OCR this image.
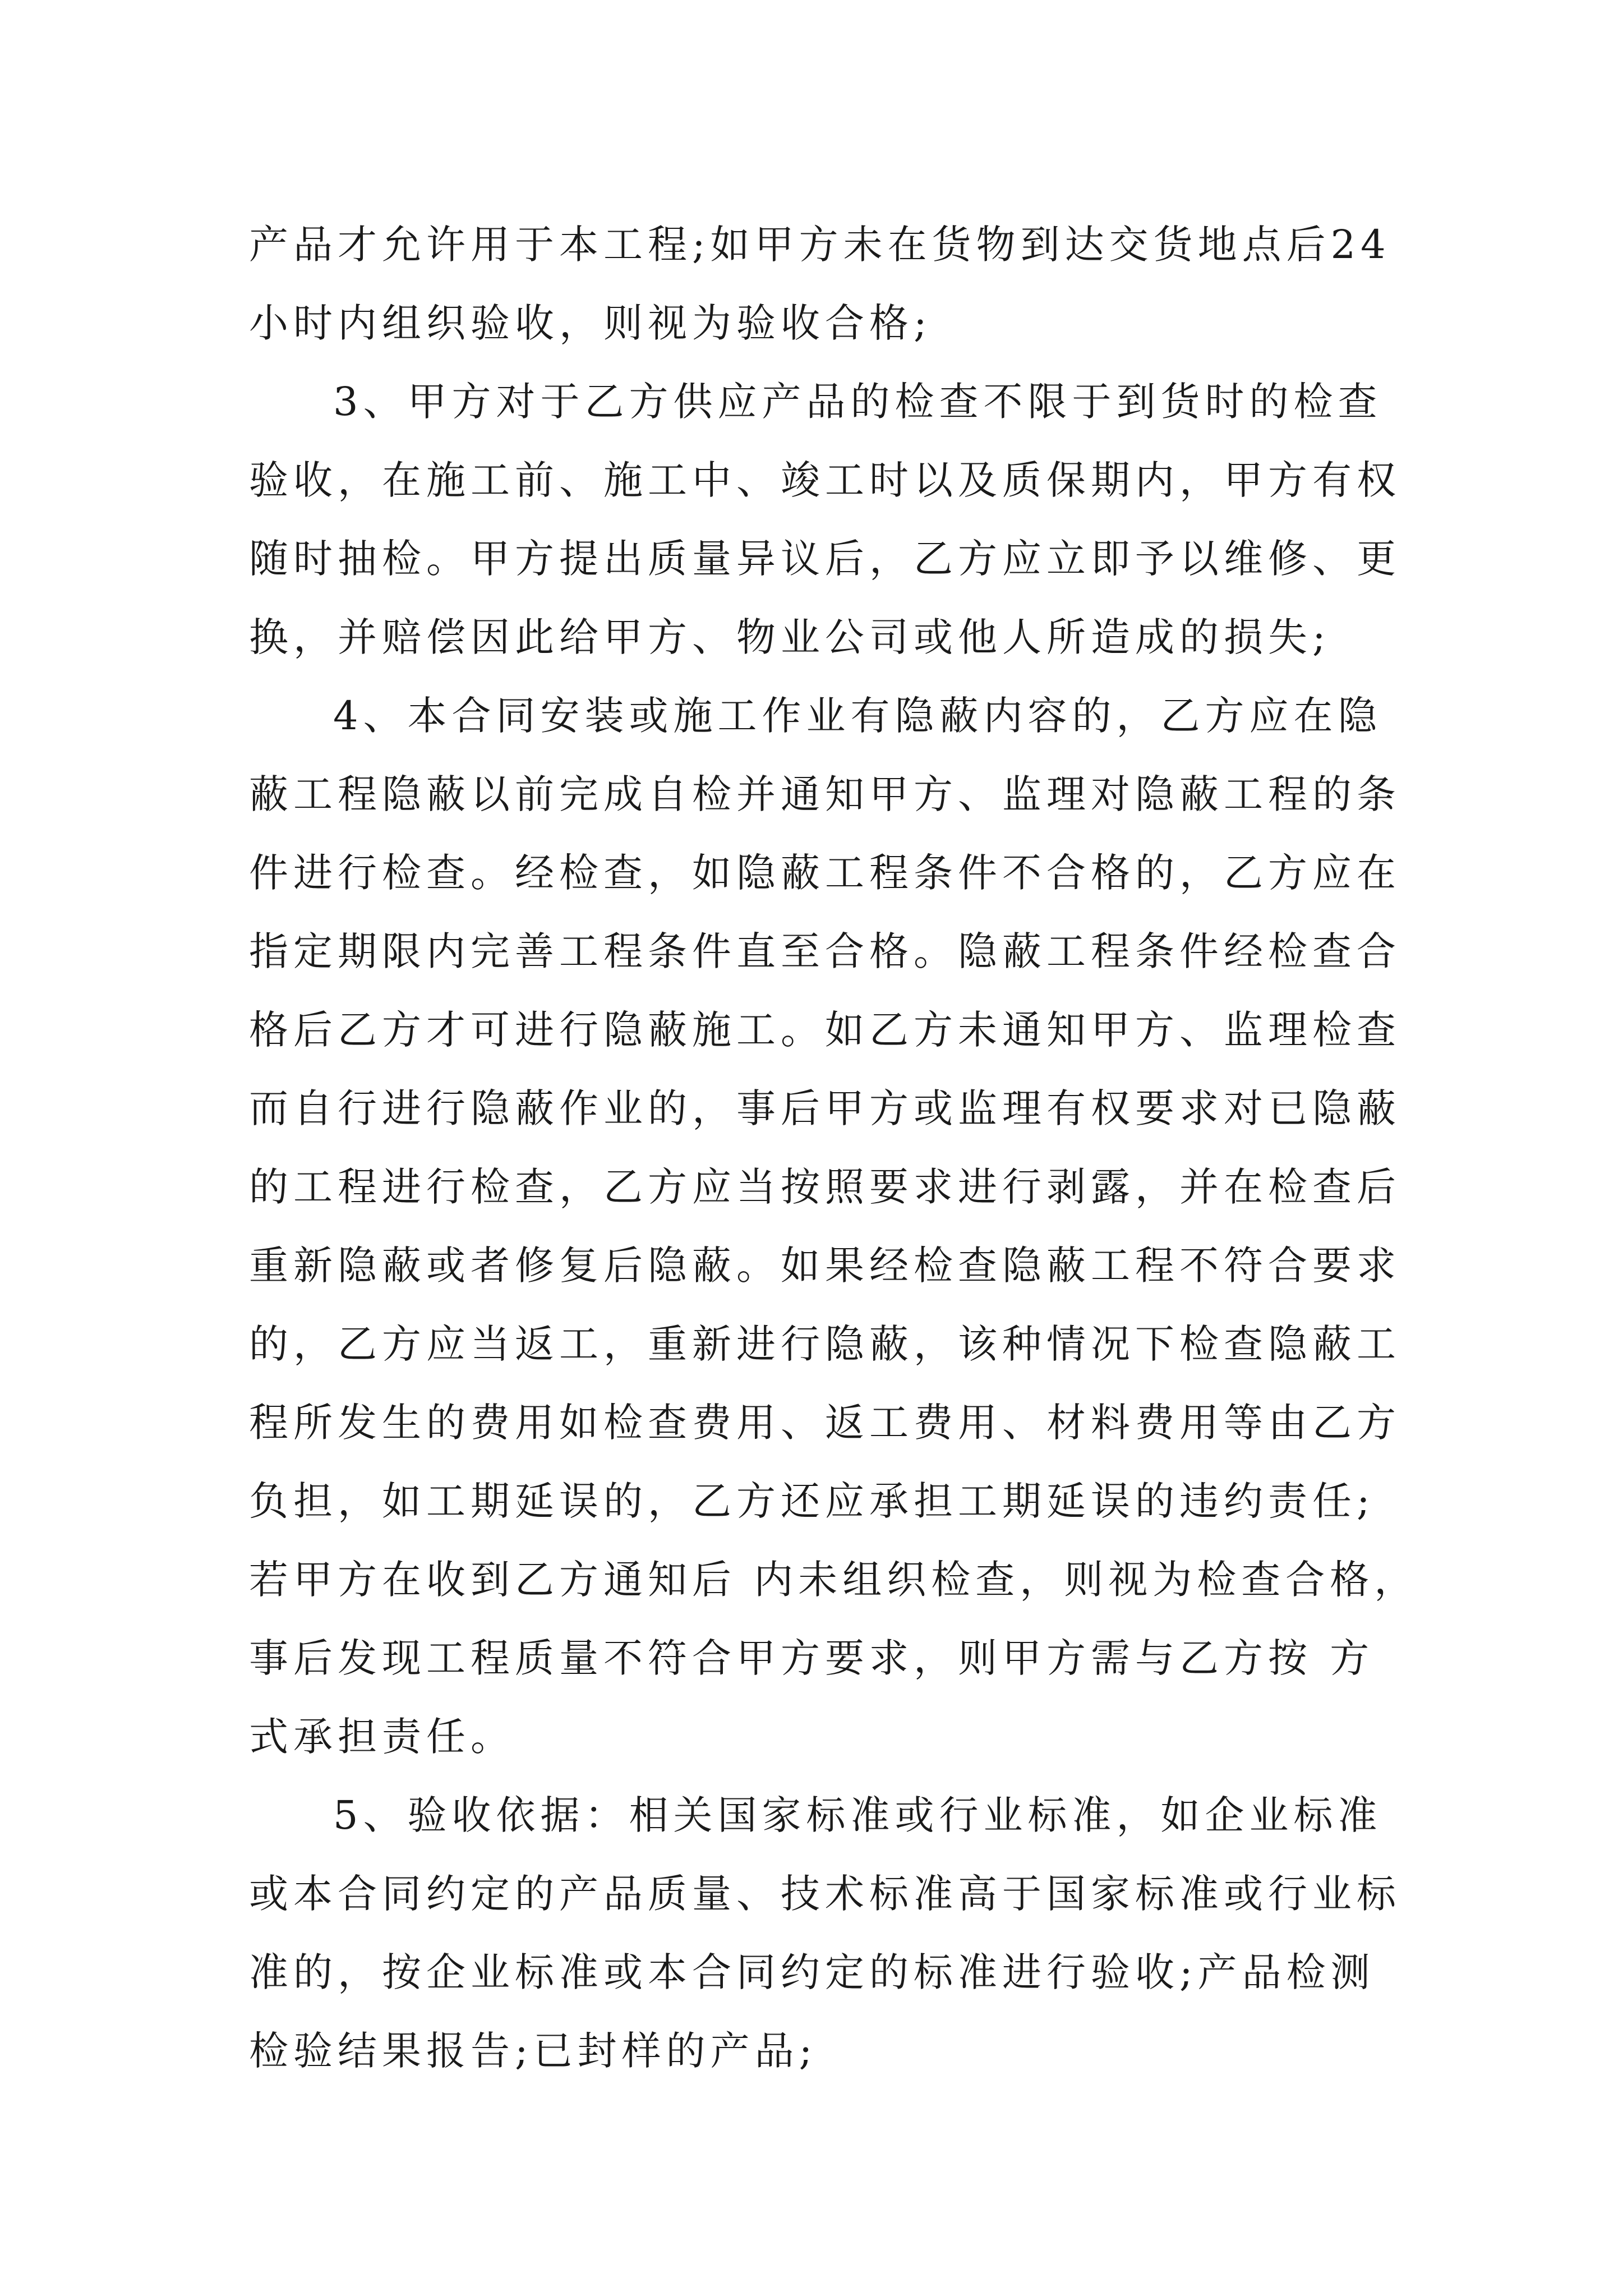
产品才允许用于本工程;如甲方未在货物到达交货地点后24
小时内组织验收，则视为验收合格;
3、甲方对于乙方供应产品的检查不限于到货时的检查
验收，在施工前、施工中、竣工时以及质保期内，甲方有权
随时抽检。甲方提出质量异议后，乙方应立即予以维修、更
换，并赔偿因此给甲方、物业公司或他人所造成的损失;
4、本合同安装或施工作业有隐蔽内容的，乙方应在隐
蔽工程隐蔽以前完成自检并通知甲方、监理对隐蔽工程的条
件进行检查。经检查，如隐蔽工程条件不合格的，乙方应在
指定期限内完善工程条件直至合格。隐蔽工程条件经检查合
格后乙方才可进行隐蔽施工。如乙方未通知甲方、监理检查
而自行进行隐蔽作业的，事后甲方或监理有权要求对已隐蔽
的工程进行检查，乙方应当按照要求进行剥露，并在检查后
重新隐蔽或者修复后隐蔽。如果经检查隐蔽工程不符合要求
的，乙方应当返工，重新进行隐蔽，该种情况下检查隐蔽工
程所发生的费用如检查费用、返工费用、材料费用等由乙方
负担，如工期延误的，乙方还应承担工期延误的违约责任;
若甲方在收到乙方通知后 内未组织检查，则视为检查合格，
事后发现工程质量不符合甲方要求，则甲方需与乙方按 方
式承担责任。
5、验收依据：相关国家标准或行业标准，如企业标准
或本合同约定的产品质量、技术标准高于国家标准或行业标
准的，按企业标准或本合同约定的标准进行验收;产品检测
检验结果报告;已封样的产品;
